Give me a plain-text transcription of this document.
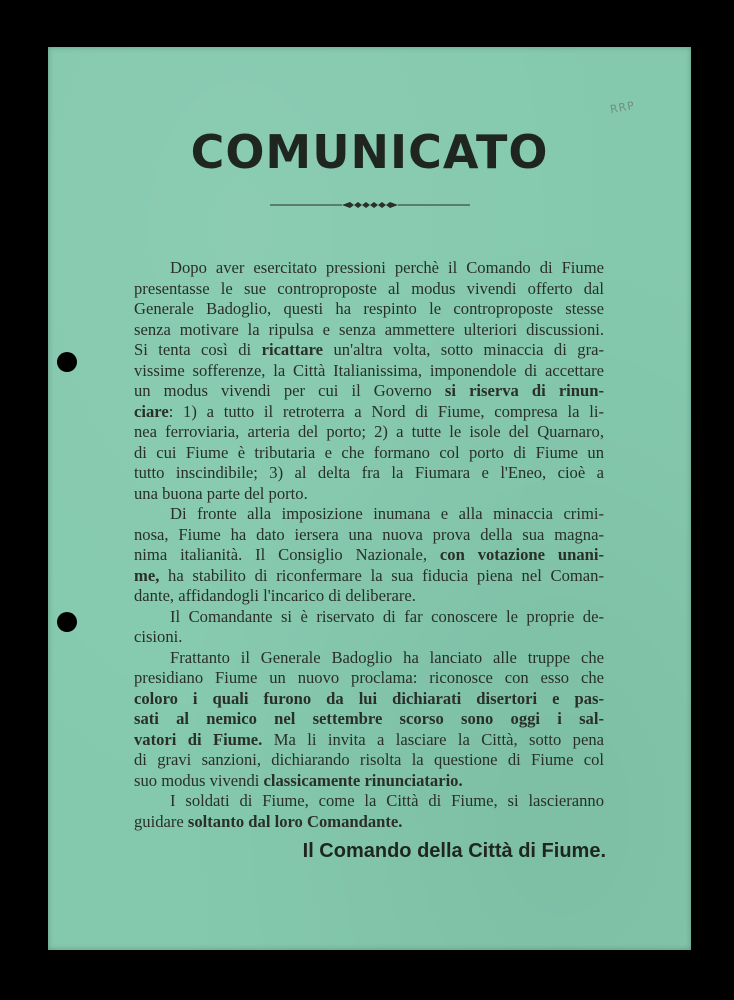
RRP
COMUNICATO
Dopo aver esercitato pressioni perchè il Comando di Fiume
presentasse le sue controproposte al modus vivendi offerto dal
Generale Badoglio, questi ha respinto le controproposte stesse
senza motivare la ripulsa e senza ammettere ulteriori discussioni.
Si tenta così di ricattare un'altra volta, sotto minaccia di gra-
vissime sofferenze, la Città Italianissima, imponendole di accettare
un modus vivendi per cui il Governo si riserva di rinun-
ciare: 1) a tutto il retroterra a Nord di Fiume, compresa la li-
nea ferroviaria, arteria del porto; 2) a tutte le isole del Quarnaro,
di cui Fiume è tributaria e che formano col porto di Fiume un
tutto inscindibile; 3) al delta fra la Fiumara e l'Eneo, cioè a
una buona parte del porto.
Di fronte alla imposizione inumana e alla minaccia crimi-
nosa, Fiume ha dato iersera una nuova prova della sua magna-
nima italianità. Il Consiglio Nazionale, con votazione unani-
me, ha stabilito di riconfermare la sua fiducia piena nel Coman-
dante, affidandogli l'incarico di deliberare.
Il Comandante si è riservato di far conoscere le proprie de-
cisioni.
Frattanto il Generale Badoglio ha lanciato alle truppe che
presidiano Fiume un nuovo proclama: riconosce con esso che
coloro i quali furono da lui dichiarati disertori e pas-
sati al nemico nel settembre scorso sono oggi i sal-
vatori di Fiume. Ma li invita a lasciare la Città, sotto pena
di gravi sanzioni, dichiarando risolta la questione di Fiume col
suo modus vivendi classicamente rinunciatario.
I soldati di Fiume, come la Città di Fiume, si lascieranno
guidare soltanto dal loro Comandante.
Il Comando della Città di Fiume.
